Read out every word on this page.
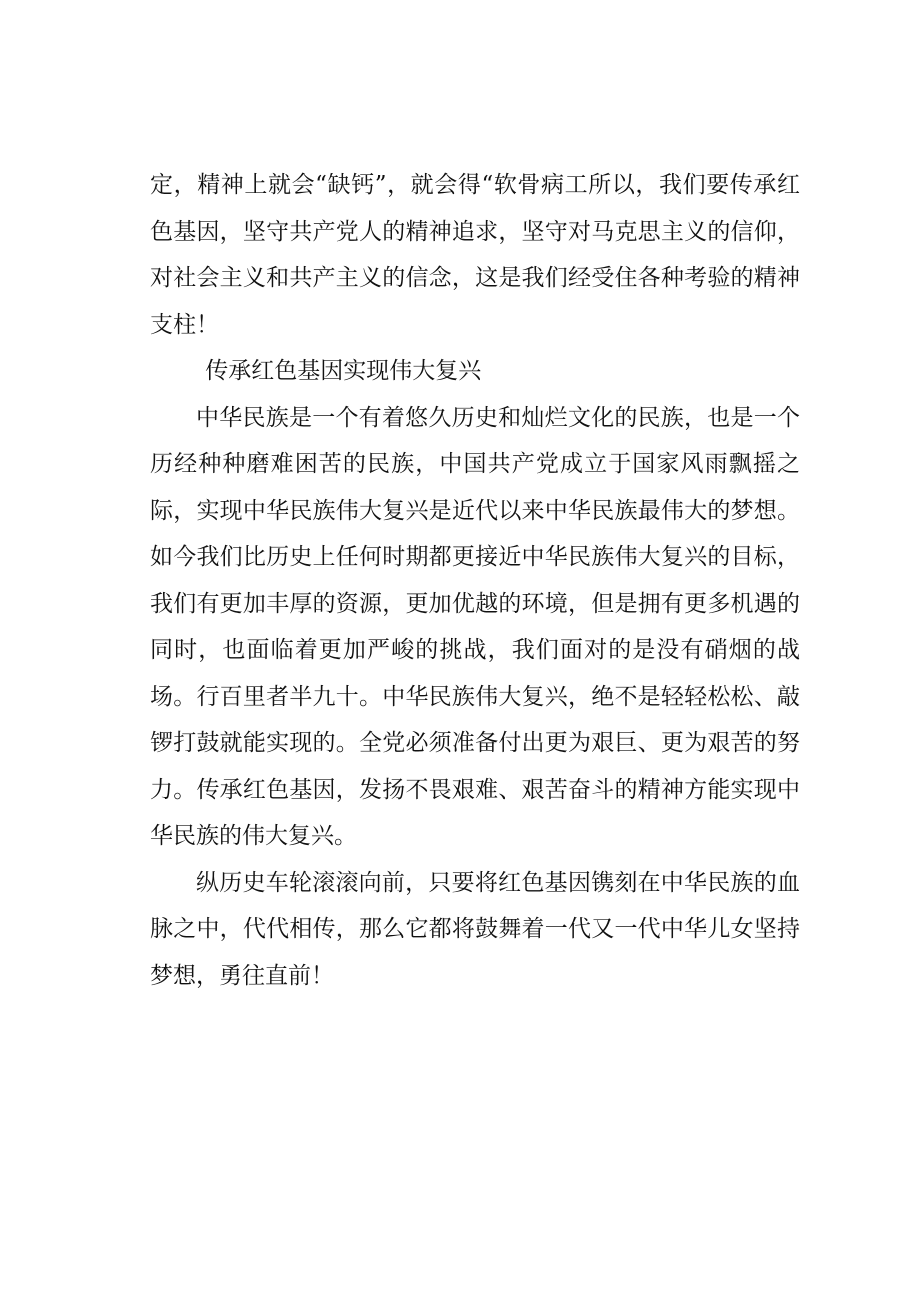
定，精神上就会“缺钙”，就会得“软骨病工所以，我们要传承红色基因，坚守共产党人的精神追求，坚守对马克思主义的信仰，对社会主义和共产主义的信念，这是我们经受住各种考验的精神支柱！

传承红色基因实现伟大复兴

中华民族是一个有着悠久历史和灿烂文化的民族，也是一个历经种种磨难困苦的民族，中国共产党成立于国家风雨飘摇之际，实现中华民族伟大复兴是近代以来中华民族最伟大的梦想。如今我们比历史上任何时期都更接近中华民族伟大复兴的目标，我们有更加丰厚的资源，更加优越的环境，但是拥有更多机遇的同时，也面临着更加严峻的挑战，我们面对的是没有硝烟的战场。行百里者半九十。中华民族伟大复兴，绝不是轻轻松松、敲锣打鼓就能实现的。全党必须准备付出更为艰巨、更为艰苦的努力。传承红色基因，发扬不畏艰难、艰苦奋斗的精神方能实现中华民族的伟大复兴。

纵历史车轮滚滚向前，只要将红色基因镌刻在中华民族的血脉之中，代代相传，那么它都将鼓舞着一代又一代中华儿女坚持梦想，勇往直前！
